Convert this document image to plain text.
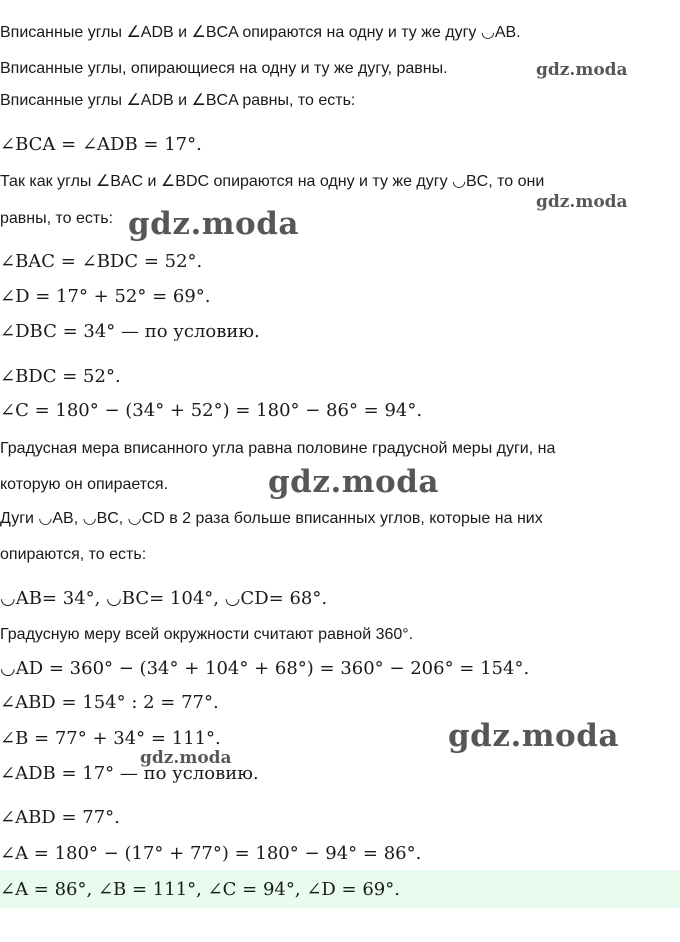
Вписанные углы ∠ADB и ∠BCA опираются на одну и ту же дугу ◡AB.
Вписанные углы, опирающиеся на одну и ту же дугу, равны.
Вписанные углы ∠ADB и ∠BCA равны, то есть:
∠BCA = ∠ADB = 17°.
Так как углы ∠BAC и ∠BDC опираются на одну и ту же дугу ◡BC, то они
равны, то есть:
∠BAC = ∠BDC = 52°.
∠D = 17° + 52° = 69°.
∠DBC = 34° — по условию.
∠BDC = 52°.
∠C = 180° − (34° + 52°) = 180° − 86° = 94°.
Градусная мера вписанного угла равна половине градусной меры дуги, на
которую он опирается.
Дуги ◡AB, ◡BC, ◡CD в 2 раза больше вписанных углов, которые на них
опираются, то есть:
◡AB= 34°, ◡BC= 104°, ◡CD= 68°.
Градусную меру всей окружности считают равной 360°.
◡AD = 360° − (34° + 104° + 68°) = 360° − 206° = 154°.
∠ABD = 154° : 2 = 77°.
∠B = 77° + 34° = 111°.
∠ADB = 17° — по условию.
∠ABD = 77°.
∠A = 180° − (17° + 77°) = 180° − 94° = 86°.
∠A = 86°, ∠B = 111°, ∠C = 94°, ∠D = 69°.
gdz.moda
gdz.moda
gdz.moda
gdz.moda
gdz.moda
gdz.moda
